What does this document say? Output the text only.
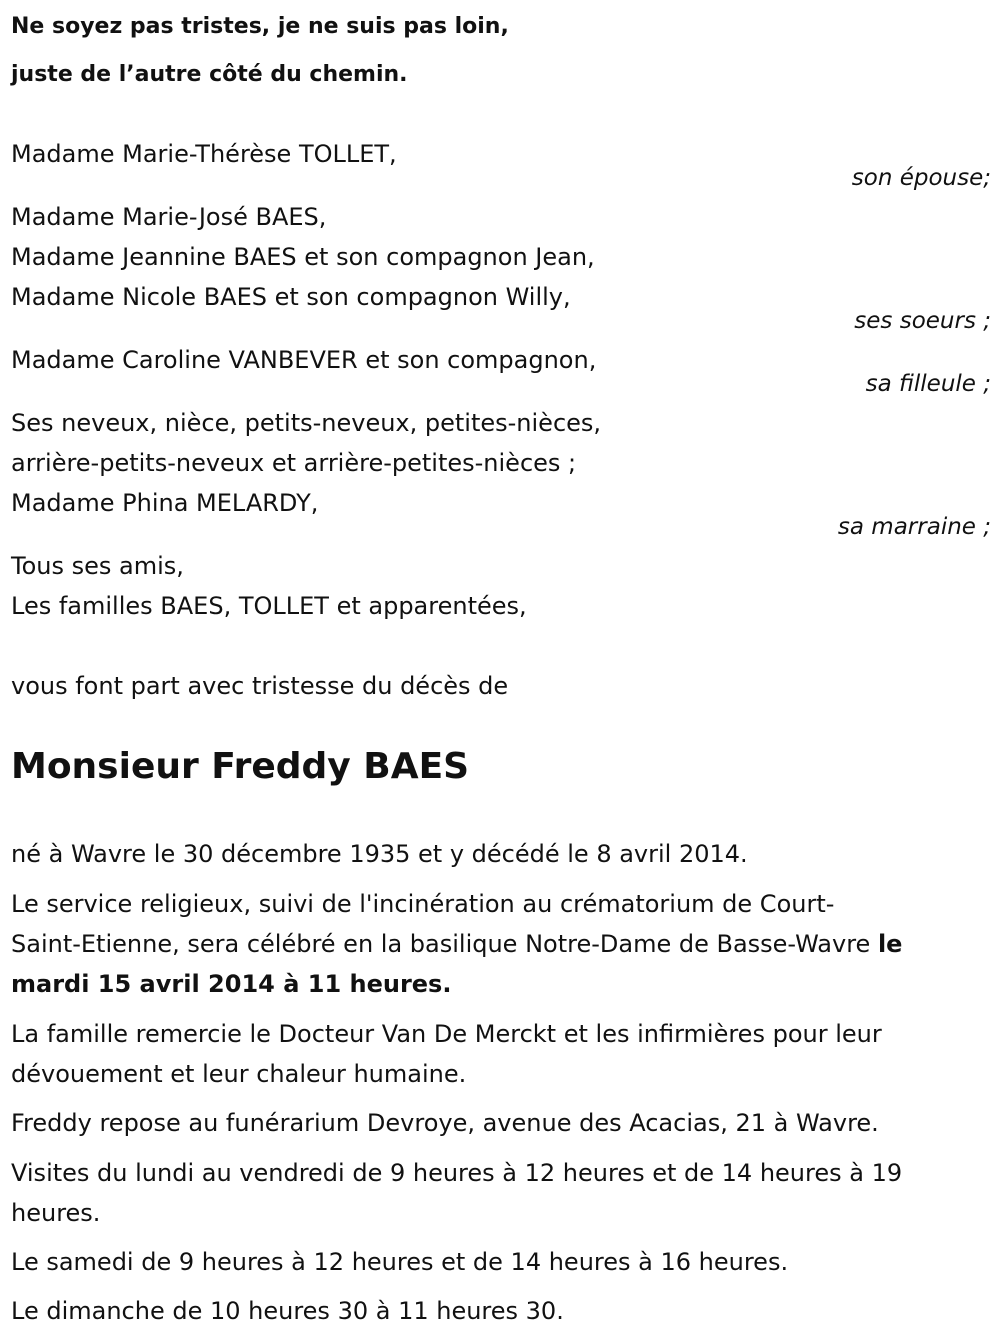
Ne soyez pas tristes, je ne suis pas loin,
juste de l’autre côté du chemin.
Madame Marie-Thérèse TOLLET,
son épouse;
Madame Marie-José BAES,
Madame Jeannine BAES et son compagnon Jean,
Madame Nicole BAES et son compagnon Willy,
ses soeurs ;
Madame Caroline VANBEVER et son compagnon,
sa filleule ;
Ses neveux, nièce, petits-neveux, petites-nièces,
arrière-petits-neveux et arrière-petites-nièces ;
Madame Phina MELARDY,
sa marraine ;
Tous ses amis,
Les familles BAES, TOLLET et apparentées,
vous font part avec tristesse du décès de
Monsieur Freddy BAES
né à Wavre le 30 décembre 1935 et y décédé le 8 avril 2014.
Le service religieux, suivi de l'incinération au crématorium de Court-
Saint-Etienne, sera célébré en la basilique Notre-Dame de Basse-Wavre le
mardi 15 avril 2014 à 11 heures.
La famille remercie le Docteur Van De Merckt et les infirmières pour leur
dévouement et leur chaleur humaine.
Freddy repose au funérarium Devroye, avenue des Acacias, 21 à Wavre.
Visites du lundi au vendredi de 9 heures à 12 heures et de 14 heures à 19
heures.
Le samedi de 9 heures à 12 heures et de 14 heures à 16 heures.
Le dimanche de 10 heures 30 à 11 heures 30.
